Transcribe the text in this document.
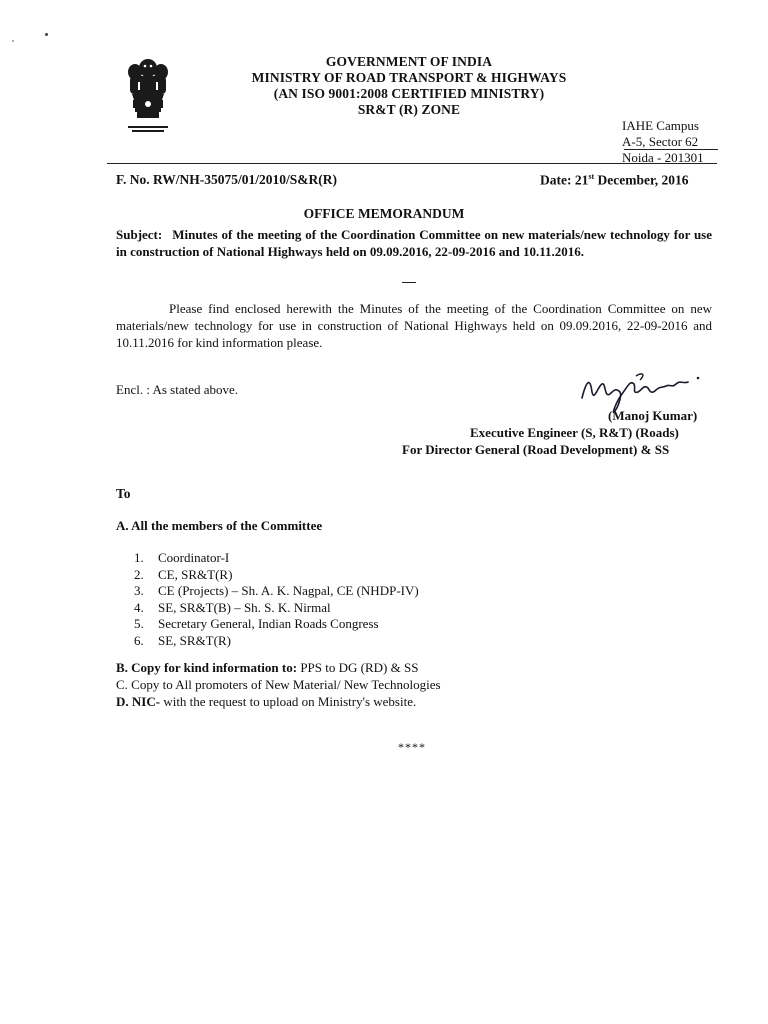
GOVERNMENT OF INDIA
MINISTRY OF ROAD TRANSPORT & HIGHWAYS
(AN ISO 9001:2008 CERTIFIED MINISTRY)
SR&T (R) ZONE
IAHE Campus
A-5, Sector 62
Noida - 201301
F. No. RW/NH-35075/01/2010/S&R(R)	Date: 21st December, 2016
OFFICE MEMORANDUM
Subject: Minutes of the meeting of the Coordination Committee on new materials/new technology for use in construction of National Highways held on 09.09.2016, 22-09-2016 and 10.11.2016.
Please find enclosed herewith the Minutes of the meeting of the Coordination Committee on new materials/new technology for use in construction of National Highways held on 09.09.2016, 22-09-2016 and 10.11.2016 for kind information please.
Encl. : As stated above.
(Manoj Kumar)
Executive Engineer (S, R&T) (Roads)
For Director General (Road Development) & SS
To
A. All the members of the Committee
1. Coordinator-I
2. CE, SR&T(R)
3. CE (Projects) – Sh. A. K. Nagpal, CE (NHDP-IV)
4. SE, SR&T(B) – Sh. S. K. Nirmal
5. Secretary General, Indian Roads Congress
6. SE, SR&T(R)
B. Copy for kind information to: PPS to DG (RD) & SS
C. Copy to All promoters of New Material/ New Technologies
D. NIC- with the request to upload on Ministry's website.
****
